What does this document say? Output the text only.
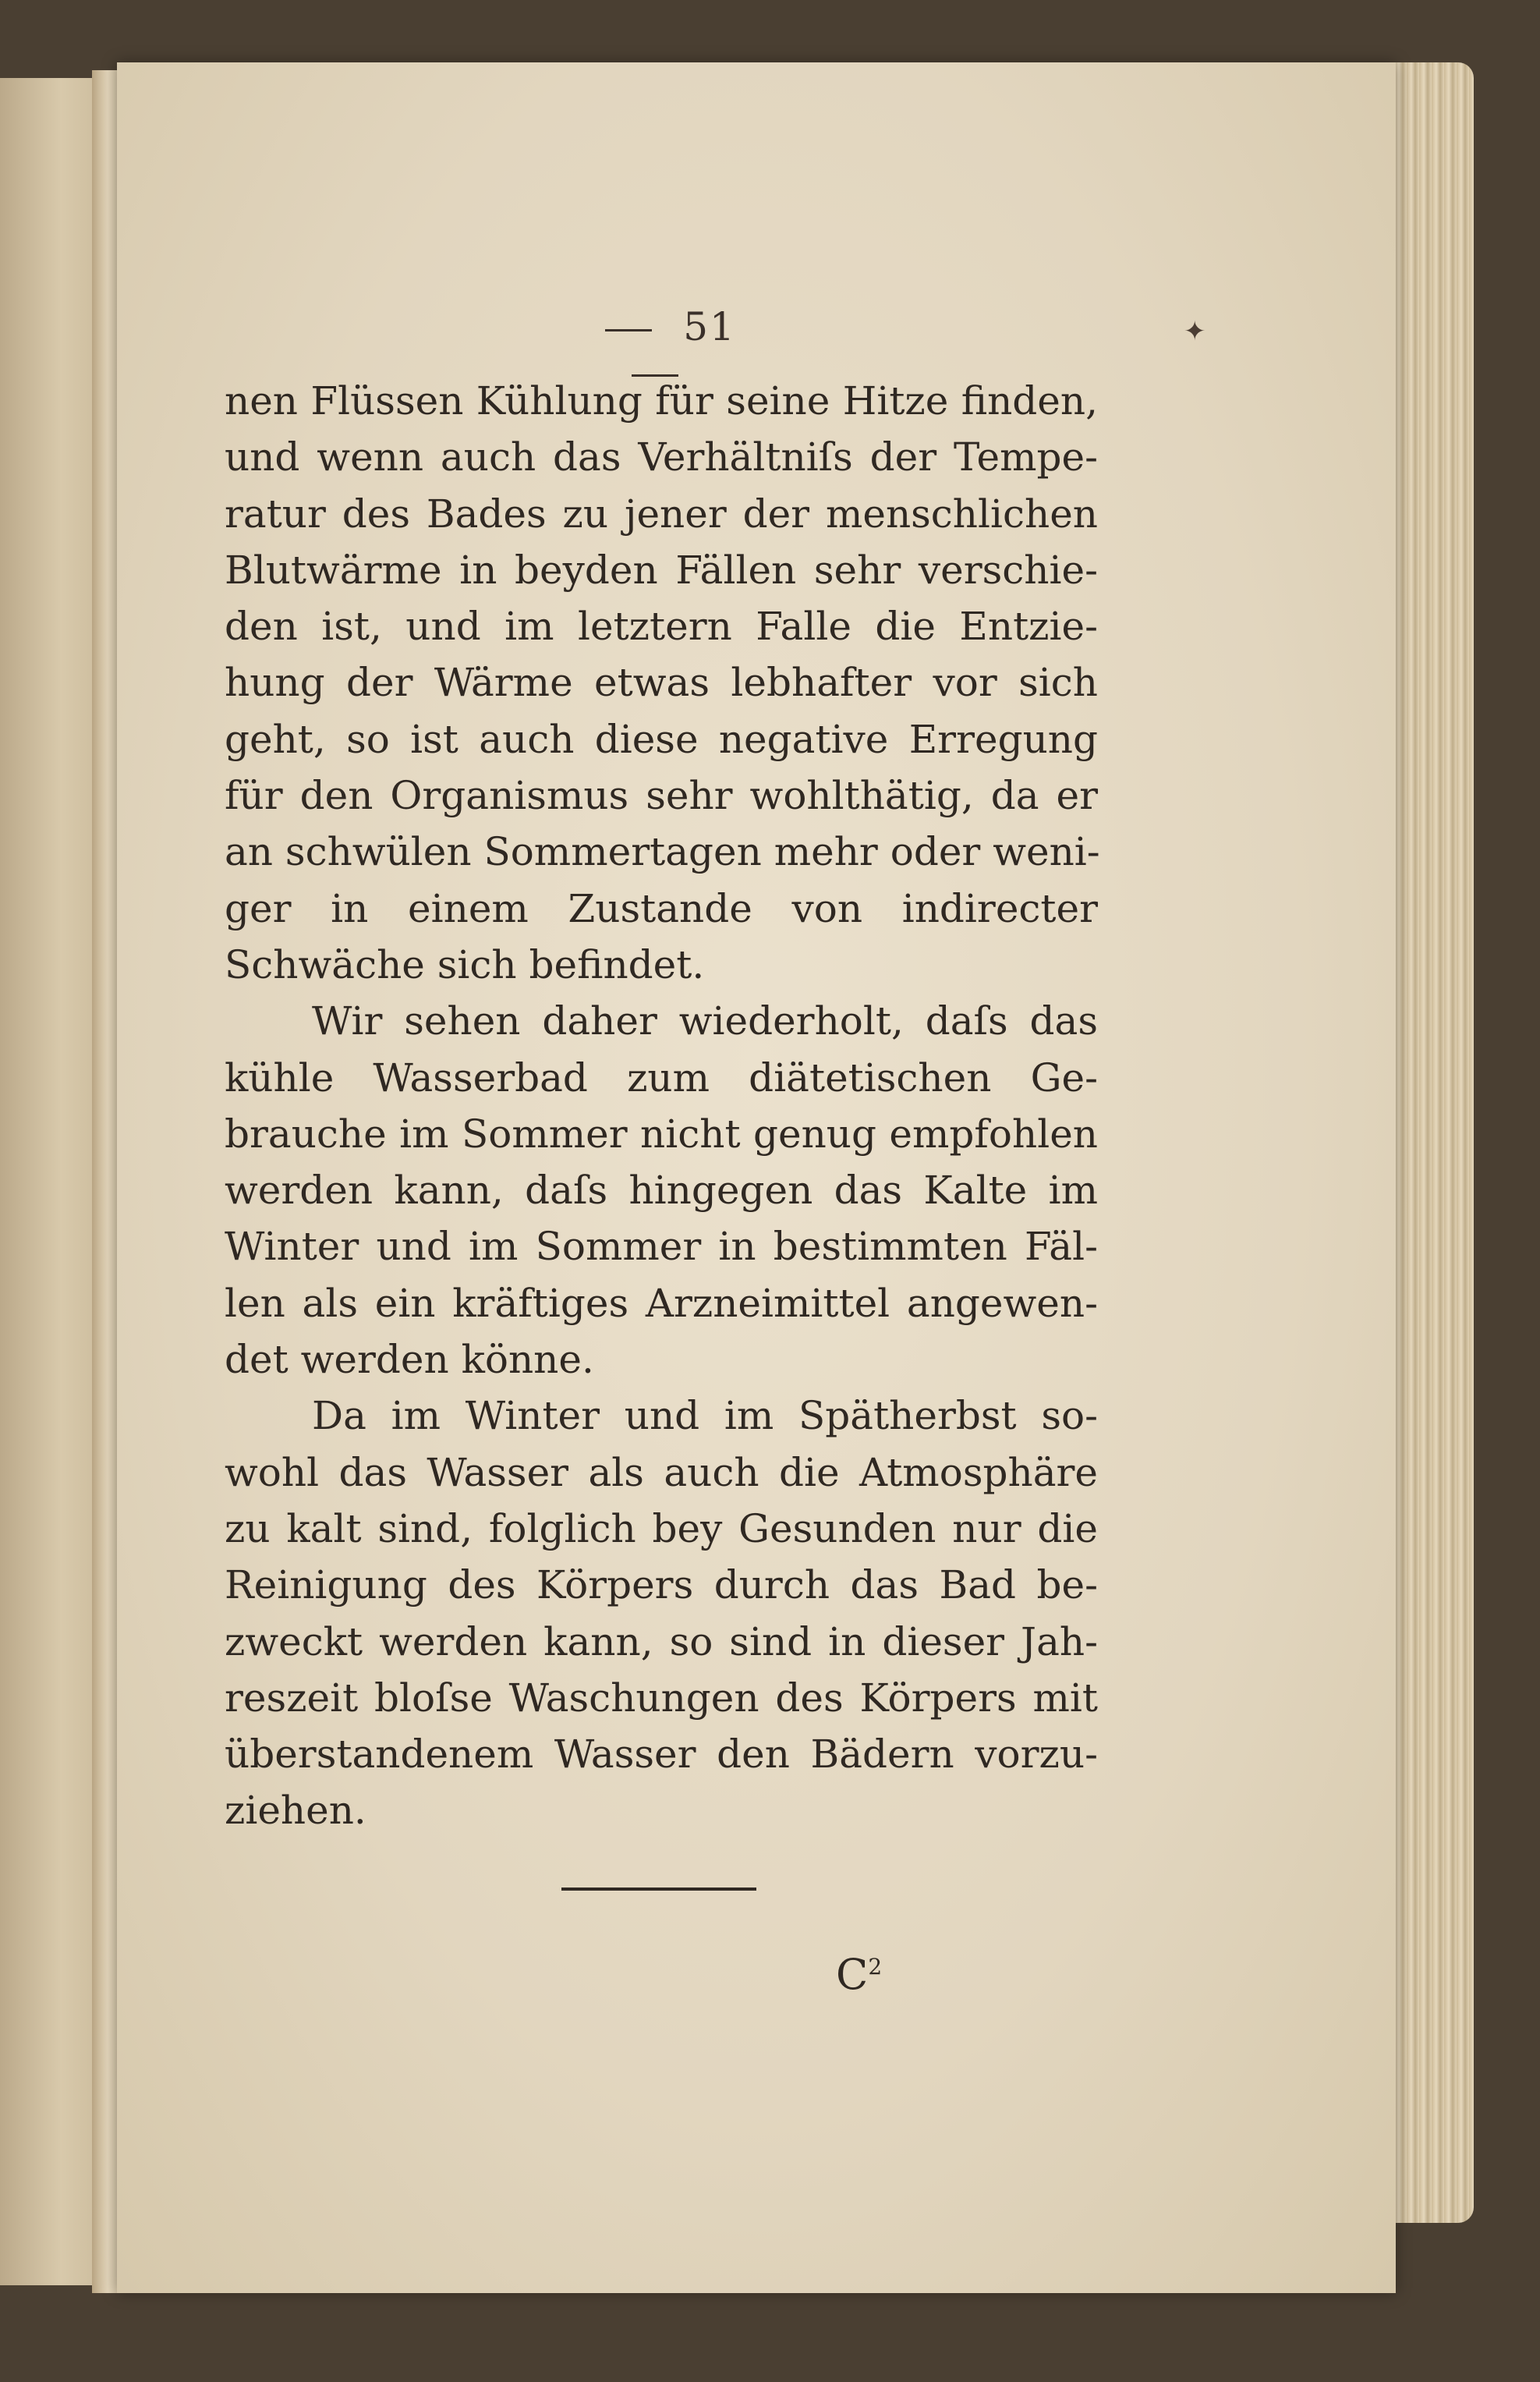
51	✦
nen Flüssen Kühlung für seine Hitze finden,
und wenn auch das Verhältniſs der Tempe-
ratur des Bades zu jener der menschlichen
Blutwärme in beyden Fällen sehr verschie-
den ist, und im letztern Falle die Entzie-
hung der Wärme etwas lebhafter vor sich
geht, so ist auch diese negative Erregung
für den Organismus sehr wohlthätig, da er
an schwülen Sommertagen mehr oder weni-
ger in einem Zustande von indirecter
Schwäche sich befindet.
Wir sehen daher wiederholt, daſs das
kühle Wasserbad zum diätetischen Ge-
brauche im Sommer nicht genug empfohlen
werden kann, daſs hingegen das Kalte im
Winter und im Sommer in bestimmten Fäl-
len als ein kräftiges Arzneimittel angewen-
det werden könne.
Da im Winter und im Spätherbst so-
wohl das Wasser als auch die Atmosphäre
zu kalt sind, folglich bey Gesunden nur die
Reinigung des Körpers durch das Bad be-
zweckt werden kann, so sind in dieser Jah-
reszeit bloſse Waschungen des Körpers mit
überstandenem Wasser den Bädern vorzu-
ziehen.
$C^2$
